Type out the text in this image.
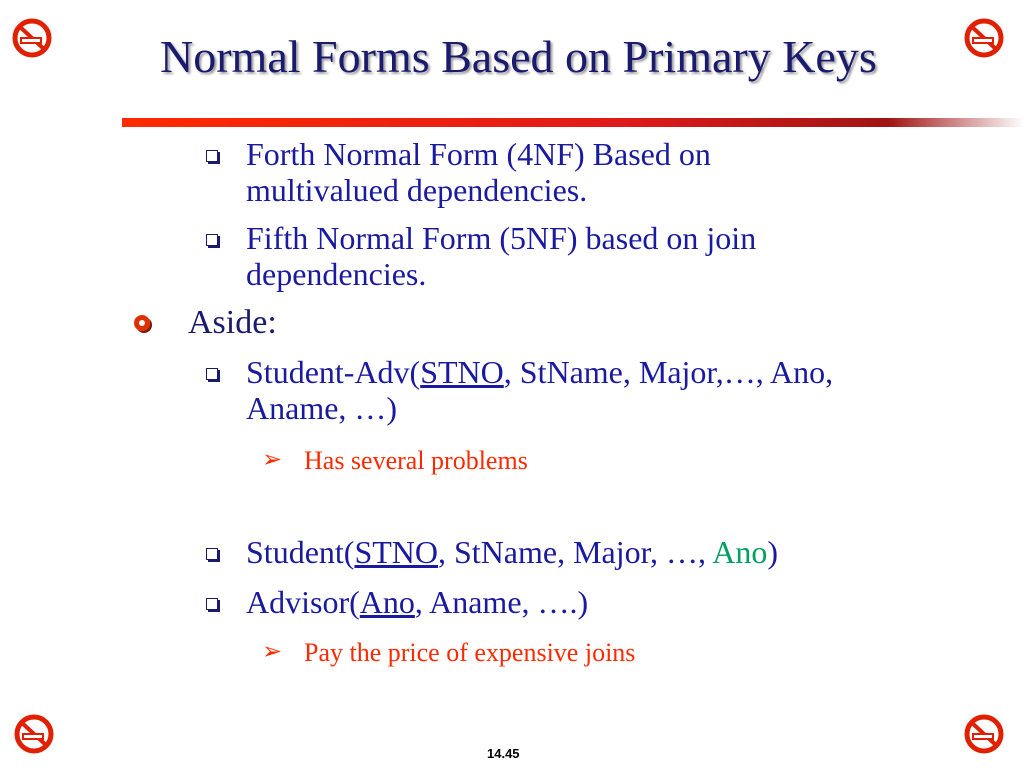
Normal Forms Based on Primary Keys
Forth Normal Form (4NF) Based on
multivalued dependencies.
Fifth Normal Form (5NF) based on join
dependencies.
Aside:
Student-Adv(STNO, StName, Major,…, Ano,
Aname, …)
➢ Has several problems
Student(STNO, StName, Major, …, Ano)
Advisor(Ano, Aname, ….)
➢ Pay the price of expensive joins
14.45
